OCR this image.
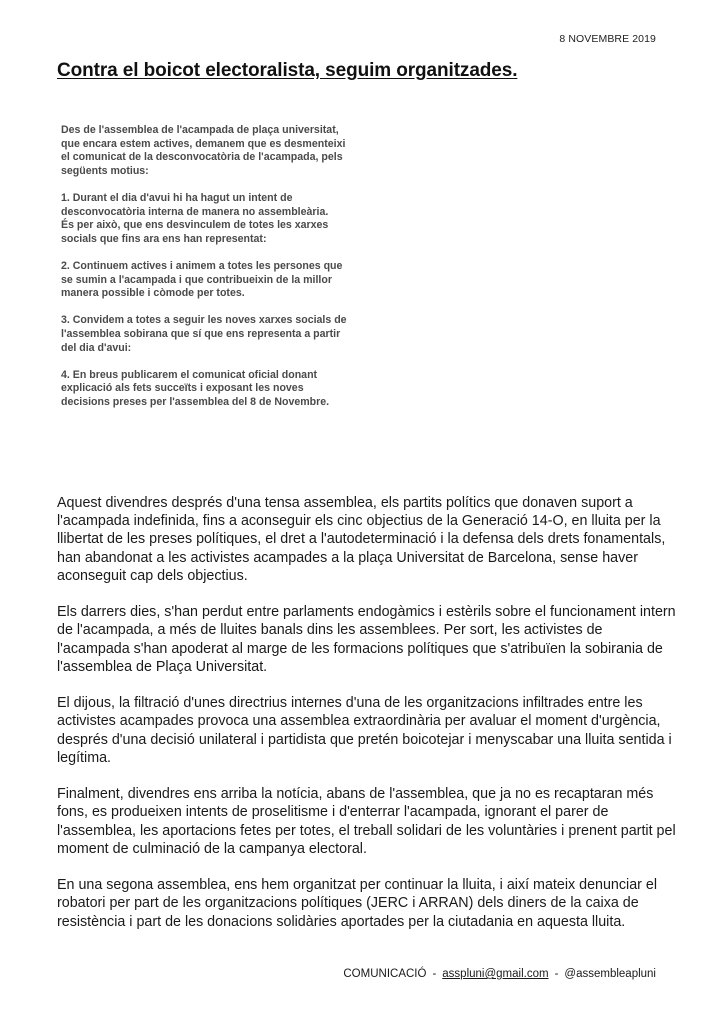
8 NOVEMBRE 2019
Contra el boicot electoralista, seguim organitzades.

Des de l'assemblea de l'acampada de plaça universitat, que encara estem actives, demanem que es desmenteixi el comunicat de la desconvocatòria de l'acampada, pels següents motius:

1. Durant el dia d'avui hi ha hagut un intent de desconvocatòria interna de manera no assembleària.

És per això, que ens desvinculem de totes les xarxes socials que fins ara ens han representat:

2. Continuem actives i animem a totes les persones que se sumin a l'acampada i que contribueixin de la millor manera possible i còmode per totes.

3. Convidem a totes a seguir les noves xarxes socials de l'assemblea sobirana que sí que ens representa a partir del dia d'avui:

4. En breus publicarem el comunicat oficial donant explicació als fets succeïts i exposant les noves decisions preses per l'assemblea del 8 de Novembre.

Aquest divendres després d'una tensa assemblea, els partits polítics que donaven suport a l'acampada indefinida, fins a aconseguir els cinc objectius de la Generació 14-O, en lluita per la llibertat de les preses polítiques, el dret a l'autodeterminació i la defensa dels drets fonamentals, han abandonat a les activistes acampades a la plaça Universitat de Barcelona, sense haver aconseguit cap dels objectius.

Els darrers dies, s'han perdut entre parlaments endogàmics i estèrils sobre el funcionament intern de l'acampada, a més de lluites banals dins les assemblees. Per sort, les activistes de l'acampada s'han apoderat al marge de les formacions polítiques que s'atribuïen la sobirania de l'assemblea de Plaça Universitat.

El dijous, la filtració d'unes directrius internes d'una de les organitzacions infiltrades entre les activistes acampades provoca una assemblea extraordinària per avaluar el moment d'urgència, després d'una decisió unilateral i partidista que pretén boicotejar i menyscabar una lluita sentida i legítima.

Finalment, divendres ens arriba la notícia, abans de l'assemblea, que ja no es recaptaran més fons, es produeixen intents de proselitisme i d'enterrar l'acampada, ignorant el parer de l'assemblea, les aportacions fetes per totes, el treball solidari de les voluntàries i prenent partit pel moment de culminació de la campanya electoral.

En una segona assemblea, ens hem organitzat per continuar la lluita, i així mateix denunciar el robatori per part de les organitzacions polítiques (JERC i ARRAN) dels diners de la caixa de resistència i part de les donacions solidàries aportades per la ciutadania en aquesta lluita.

COMUNICACIÓ - asspluni@gmail.com - @assembleapluni
